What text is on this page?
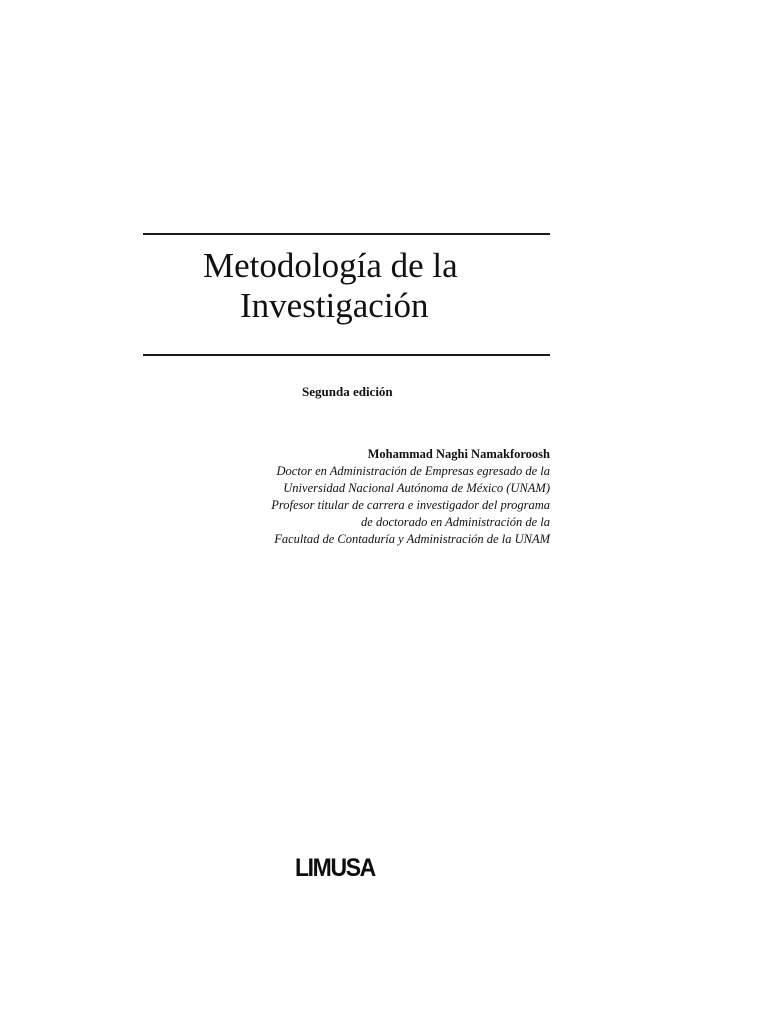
Metodología de la
Investigación
Segunda edición
Mohammad Naghi Namakforoosh
Doctor en Administración de Empresas egresado de la
Universidad Nacional Autónoma de México (UNAM)
Profesor titular de carrera e investigador del programa
de doctorado en Administración de la
Facultad de Contaduría y Administración de la UNAM
LIMUSA
